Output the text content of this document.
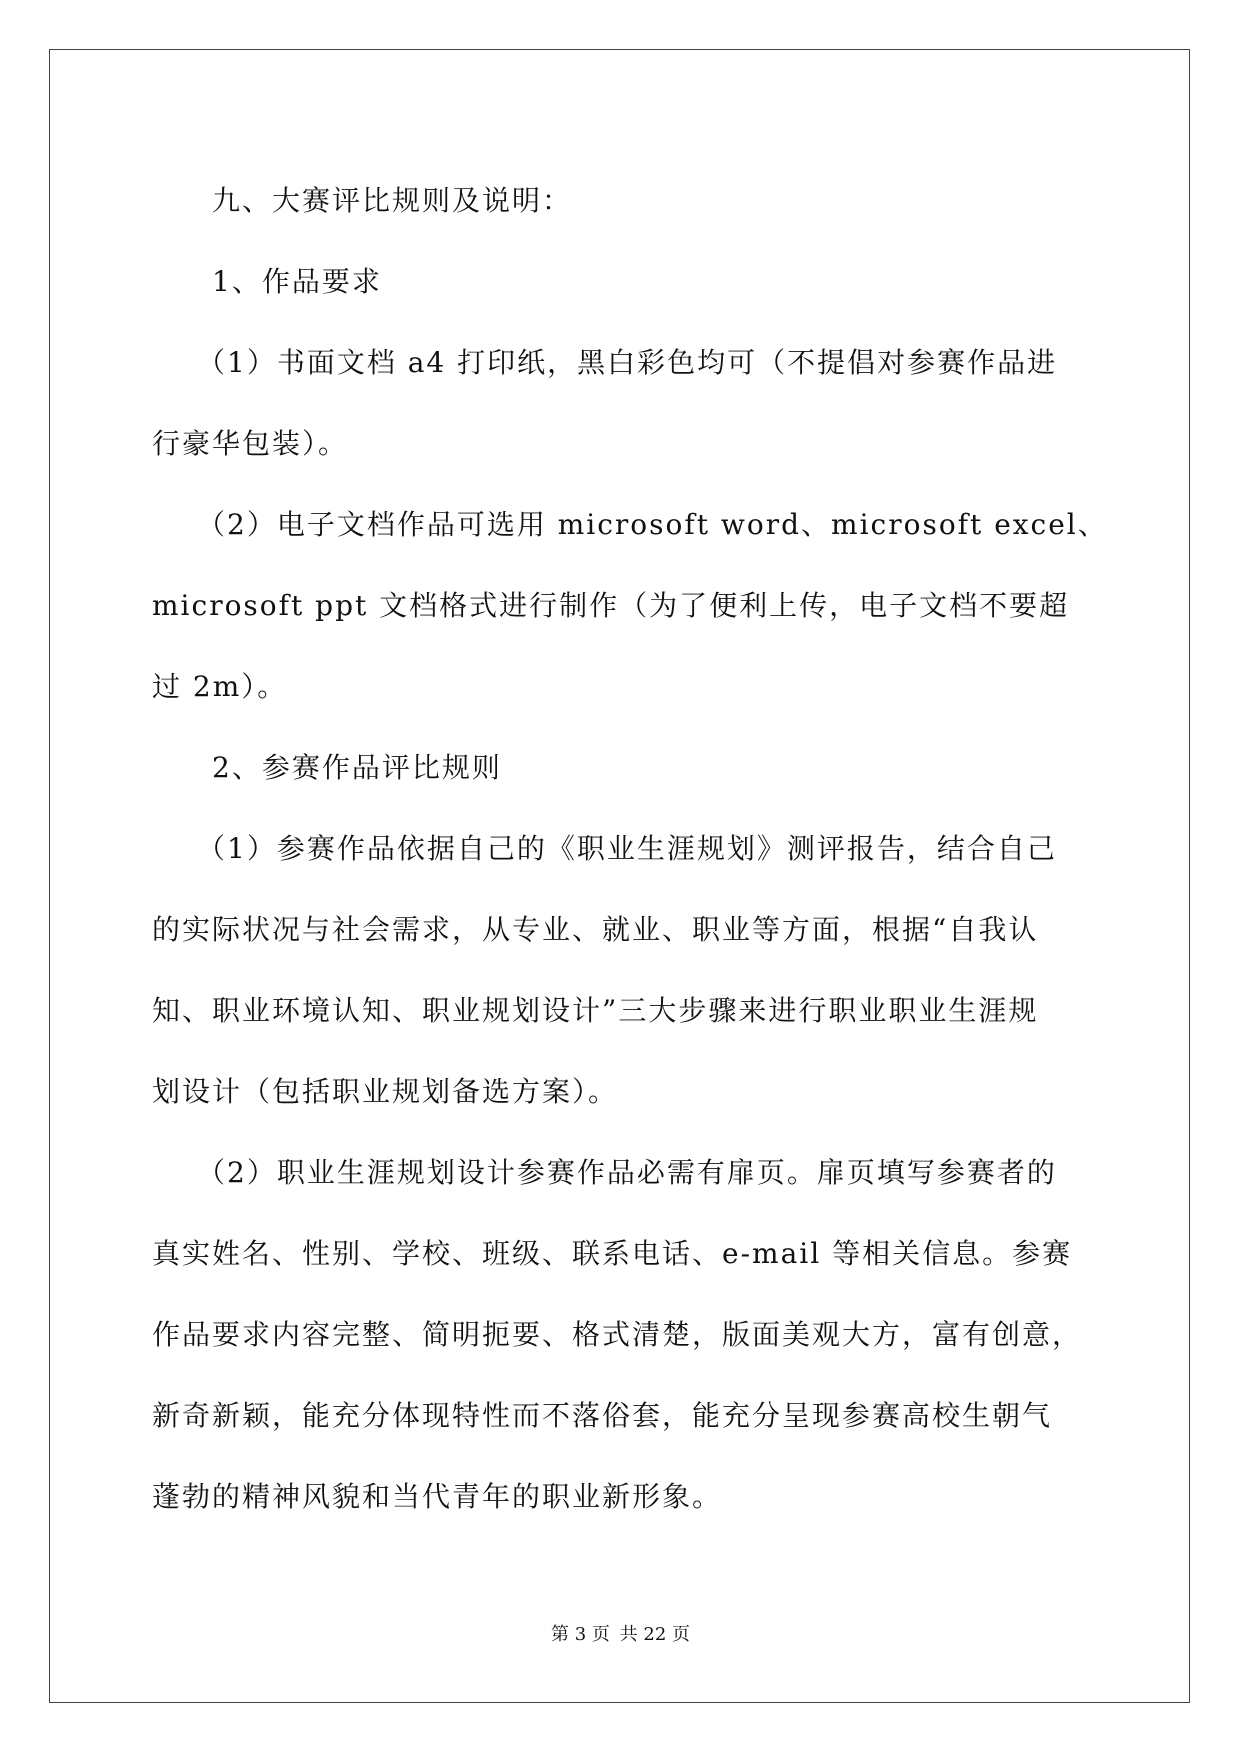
九、大赛评比规则及说明：
1、作品要求
（1）书面文档 a4 打印纸，黑白彩色均可（不提倡对参赛作品进
行豪华包装）。
（2）电子文档作品可选用 microsoft word、microsoft excel、
microsoft ppt 文档格式进行制作（为了便利上传，电子文档不要超
过 2m）。
2、参赛作品评比规则
（1）参赛作品依据自己的《职业生涯规划》测评报告，结合自己
的实际状况与社会需求，从专业、就业、职业等方面，根据“自我认
知、职业环境认知、职业规划设计”三大步骤来进行职业职业生涯规
划设计（包括职业规划备选方案）。
（2）职业生涯规划设计参赛作品必需有扉页。扉页填写参赛者的
真实姓名、性别、学校、班级、联系电话、e-mail 等相关信息。参赛
作品要求内容完整、简明扼要、格式清楚，版面美观大方，富有创意，
新奇新颖，能充分体现特性而不落俗套，能充分呈现参赛高校生朝气
蓬勃的精神风貌和当代青年的职业新形象。
第 3 页 共 22 页
